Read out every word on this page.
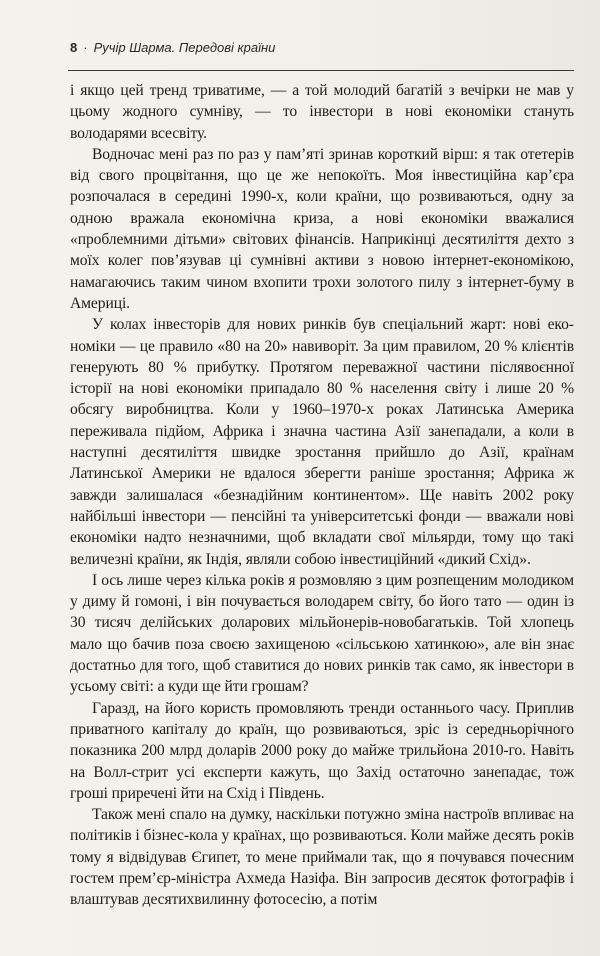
8 · Ручір Шарма. Передові країни

і якщо цей тренд триватиме, — а той молодий багатій з вечірки не мав у цьому жодного сумніву, — то інвестори в нові економіки стануть володарями всесвіту.

Водночас мені раз по раз у пам’яті зринав короткий вірш: я так отетерів від свого процвітання, що це же непокоїть. Моя інвестиційна кар’єра розпочалася в середині 1990-х, коли країни, що розвиваються, одну за одною вражала економічна криза, а нові економіки вважалися «проблемними дітьми» світових фінансів. Наприкінці десятиліття дехто з моїх колег пов’язував ці сумнівні активи з новою інтернет-економікою, намагаючись таким чином вхопити трохи золотого пилу з інтернет-буму в Америці.

У колах інвесторів для нових ринків був спеціальний жарт: нові економіки — це правило «80 на 20» навиворіт. За цим правилом, 20 % клієнтів генерують 80 % прибутку. Протягом переважної частини післявоєнної історії на нові економіки припадало 80 % населення світу і лише 20 % обсягу виробництва. Коли у 1960–1970-х роках Латинська Америка переживала підйом, Африка і значна частина Азії занепадали, а коли в наступні десятиліття швидке зростання прийшло до Азії, країнам Латинської Америки не вдалося зберегти раніше зростання; Африка ж завжди залишалася «безнадійним континентом». Ще навіть 2002 року найбільші інвестори — пенсійні та університетські фонди — вважали нові економіки надто незначними, щоб вкладати свої мільярди, тому що такі величезні країни, як Індія, являли собою інвестиційний «дикий Схід».

І ось лише через кілька років я розмовляю з цим розпещеним молодиком у диму й гомоні, і він почувається володарем світу, бо його тато — один із 30 тисяч делійських доларових мільйонерів-новобагатьків. Той хлопець мало що бачив поза своєю захищеною «сільською хатинкою», але він знає достатньо для того, щоб ставитися до нових ринків так само, як інвестори в усьому світі: а куди ще йти грошам?

Гаразд, на його користь промовляють тренди останнього часу. Приплив приватного капіталу до країн, що розвиваються, зріс із середньорічного показника 200 млрд доларів 2000 року до майже трильйона 2010-го. Навіть на Волл-стрит усі експерти кажуть, що Захід остаточно занепадає, тож гроші приречені йти на Схід і Південь.

Також мені спало на думку, наскільки потужно зміна настроїв впливає на політиків і бізнес-кола у країнах, що розвиваються. Коли майже десять років тому я відвідував Єгипет, то мене приймали так, що я почувався почесним гостем прем’єр-міністра Ахмеда Назіфа. Він запросив десяток фотографів і влаштував десятихвилинну фотосесію, а потім
